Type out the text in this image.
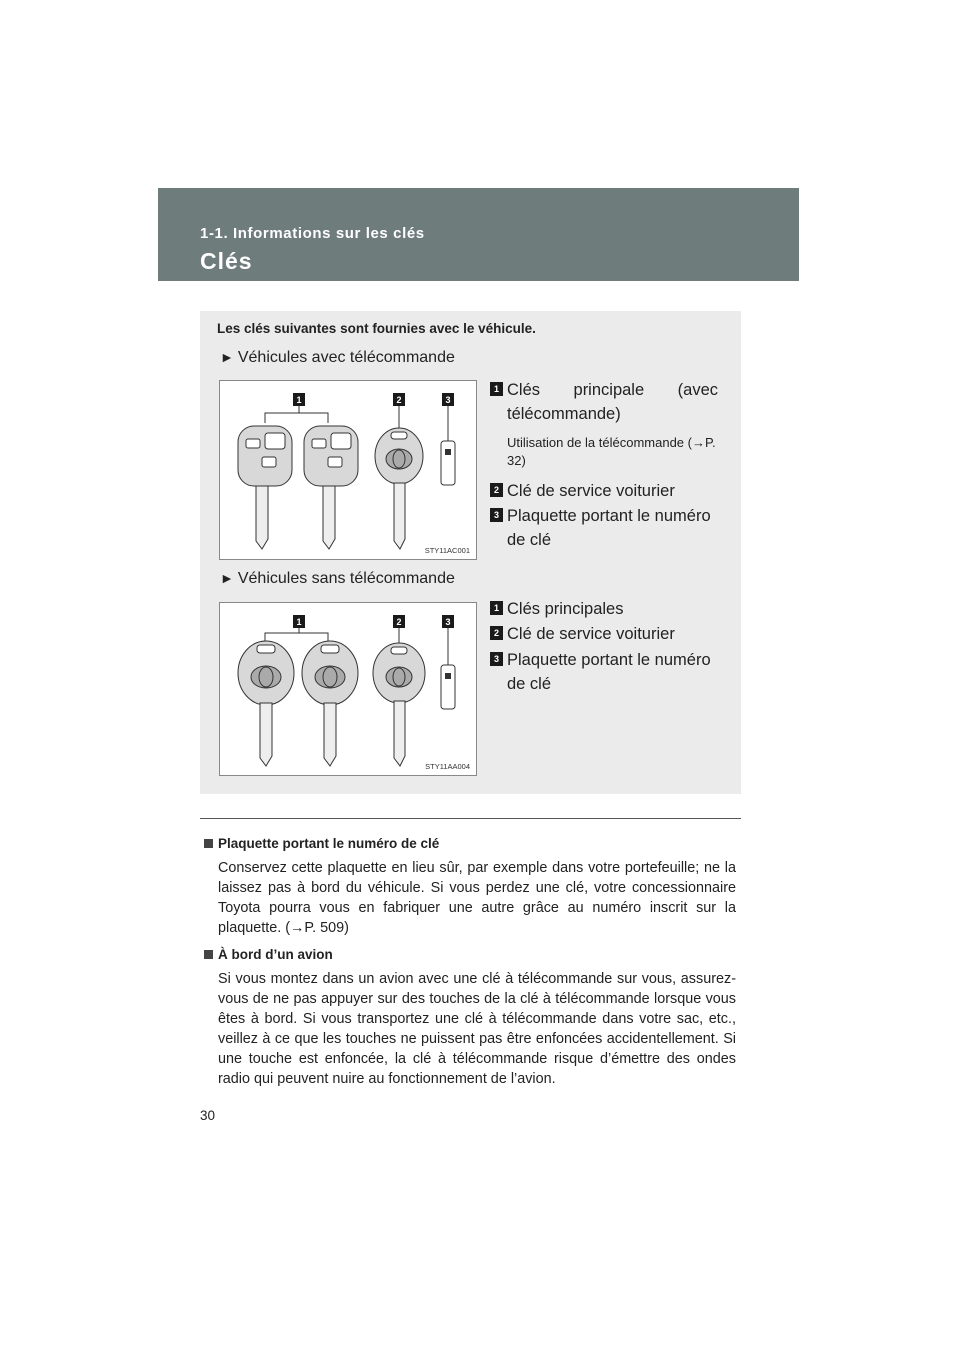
1-1. Informations sur les clés
Clés
Les clés suivantes sont fournies avec le véhicule.
► Véhicules avec télécommande
1	2	3
STY11AC001
1 Clés principale (avec télécommande)
Utilisation de la télécommande (→P. 32)
2 Clé de service voiturier
3 Plaquette portant le numéro de clé
► Véhicules sans télécommande
1	2	3
STY11AA004
1 Clés principales
2 Clé de service voiturier
3 Plaquette portant le numéro de clé
Plaquette portant le numéro de clé
Conservez cette plaquette en lieu sûr, par exemple dans votre portefeuille; ne la laissez pas à bord du véhicule. Si vous perdez une clé, votre concessionnaire Toyota pourra vous en fabriquer une autre grâce au numéro inscrit sur la plaquette. (→P. 509)
À bord d’un avion
Si vous montez dans un avion avec une clé à télécommande sur vous, assurez-vous de ne pas appuyer sur des touches de la clé à télécommande lorsque vous êtes à bord. Si vous transportez une clé à télécommande dans votre sac, etc., veillez à ce que les touches ne puissent pas être enfoncées accidentellement. Si une touche est enfoncée, la clé à télécommande risque d’émettre des ondes radio qui peuvent nuire au fonctionnement de l’avion.
30
